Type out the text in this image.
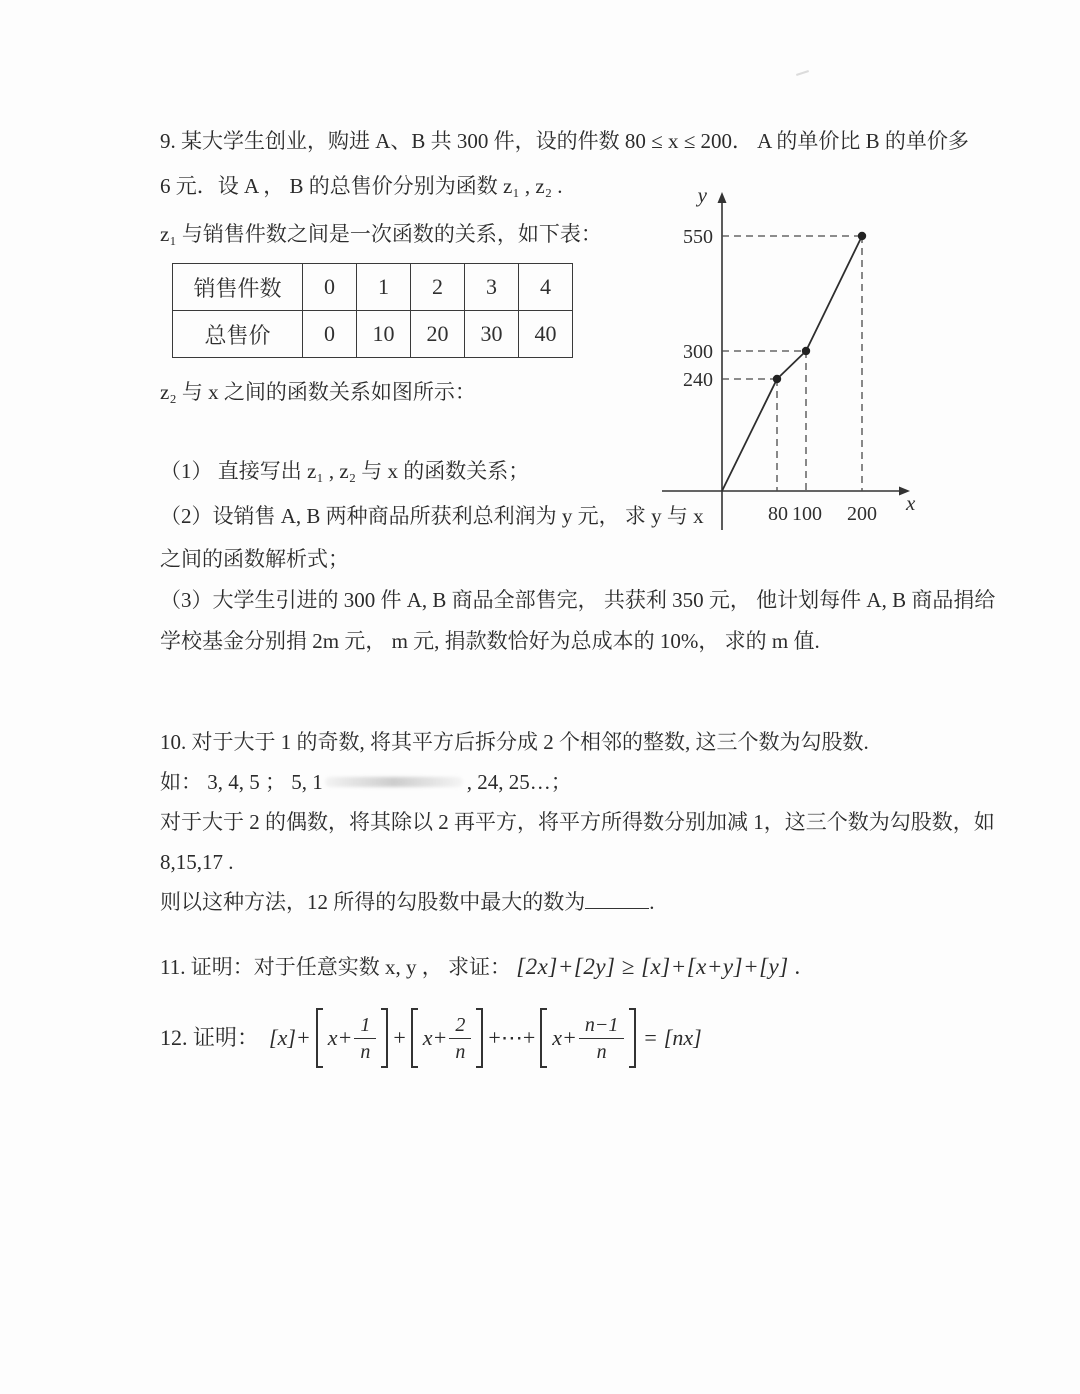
9. 某大学生创业，购进 A、B 共 300 件，设的件数 80 ≤ x ≤ 200． A 的单价比 B 的单价多
6 元．设 A ， B 的总售价分别为函数 z₁ , z₂ .
z₁ 与销售件数之间是一次函数的关系，如下表：
销售件数	0	1	2	3	4
总售价	0	10	20	30	40
y
x
550
300
240
80 100 200
z₂ 与 x 之间的函数关系如图所示：
（1） 直接写出 z₁ , z₂ 与 x 的函数关系；
（2）设销售 A, B 两种商品所获利总利润为 y 元， 求 y 与 x
之间的函数解析式；
（3）大学生引进的 300 件 A, B 商品全部售完， 共获利 350 元， 他计划每件 A, B 商品捐给
学校基金分别捐 2m 元， m 元, 捐款数恰好为总成本的 10%， 求的 m 值.
10. 对于大于 1 的奇数, 将其平方后拆分成 2 个相邻的整数, 这三个数为勾股数.
如： 3, 4, 5 ； 5, 1	, 24, 25…；
对于大于 2 的偶数，将其除以 2 再平方，将平方所得数分别加减 1，这三个数为勾股数，如
8,15,17 .
则以这种方法，12 所得的勾股数中最大的数为	.
11. 证明：对于任意实数 x, y ， 求证： [2x]+[2y] ≥ [x]+[x+y]+[y] .
12. 证明： $[x]+ x+ \frac{1}{n} + x+ \frac{2}{n}$ +⋯+ $x+ \frac{n-1}{n} = [nx]$
